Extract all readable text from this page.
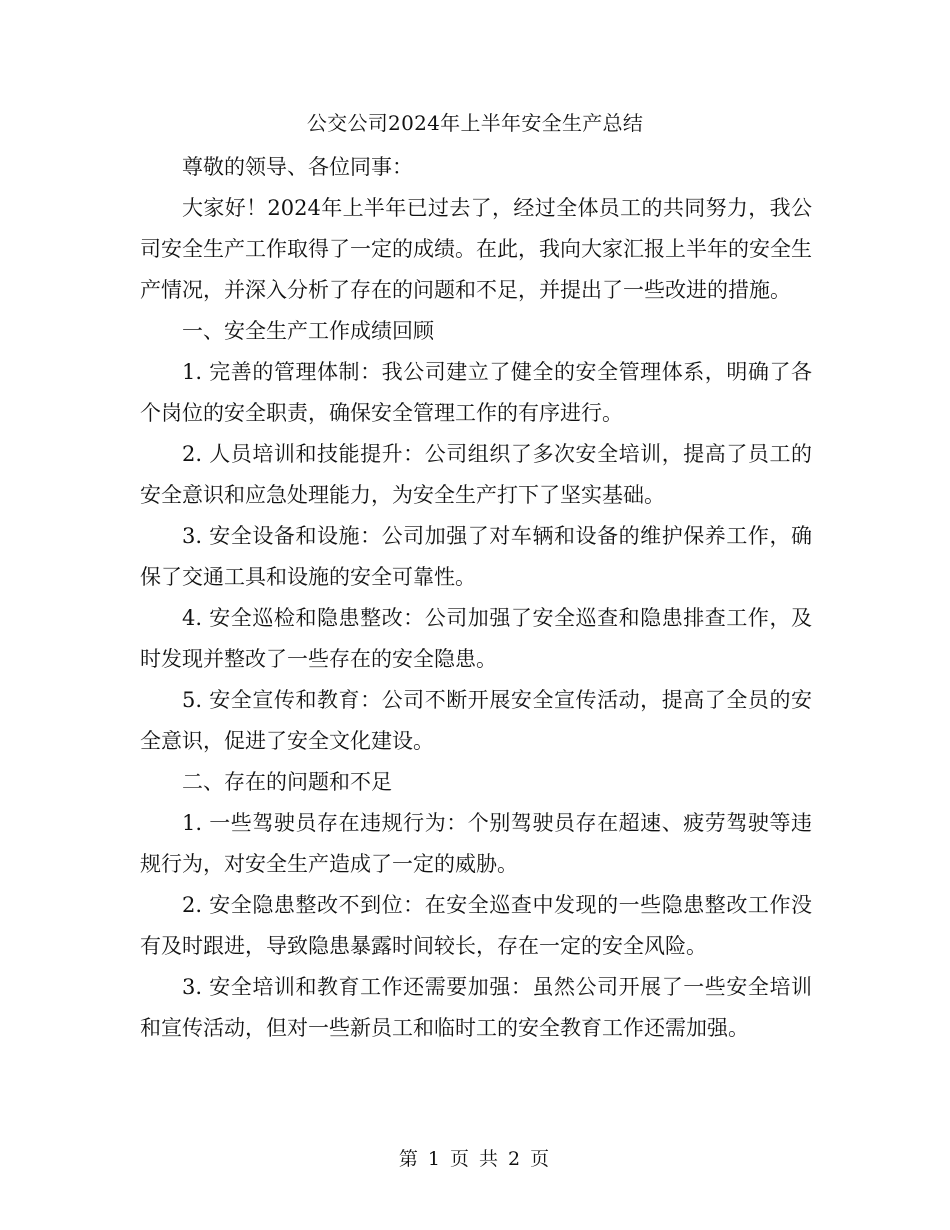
公交公司2024年上半年安全生产总结

尊敬的领导、各位同事：

大家好！2024年上半年已过去了，经过全体员工的共同努力，我公司安全生产工作取得了一定的成绩。在此，我向大家汇报上半年的安全生产情况，并深入分析了存在的问题和不足，并提出了一些改进的措施。

一、安全生产工作成绩回顾

1. 完善的管理体制：我公司建立了健全的安全管理体系，明确了各个岗位的安全职责，确保安全管理工作的有序进行。

2. 人员培训和技能提升：公司组织了多次安全培训，提高了员工的安全意识和应急处理能力，为安全生产打下了坚实基础。

3. 安全设备和设施：公司加强了对车辆和设备的维护保养工作，确保了交通工具和设施的安全可靠性。

4. 安全巡检和隐患整改：公司加强了安全巡查和隐患排查工作，及时发现并整改了一些存在的安全隐患。

5. 安全宣传和教育：公司不断开展安全宣传活动，提高了全员的安全意识，促进了安全文化建设。

二、存在的问题和不足

1. 一些驾驶员存在违规行为：个别驾驶员存在超速、疲劳驾驶等违规行为，对安全生产造成了一定的威胁。

2. 安全隐患整改不到位：在安全巡查中发现的一些隐患整改工作没有及时跟进，导致隐患暴露时间较长，存在一定的安全风险。

3. 安全培训和教育工作还需要加强：虽然公司开展了一些安全培训和宣传活动，但对一些新员工和临时工的安全教育工作还需加强。

第 1 页 共 2 页
